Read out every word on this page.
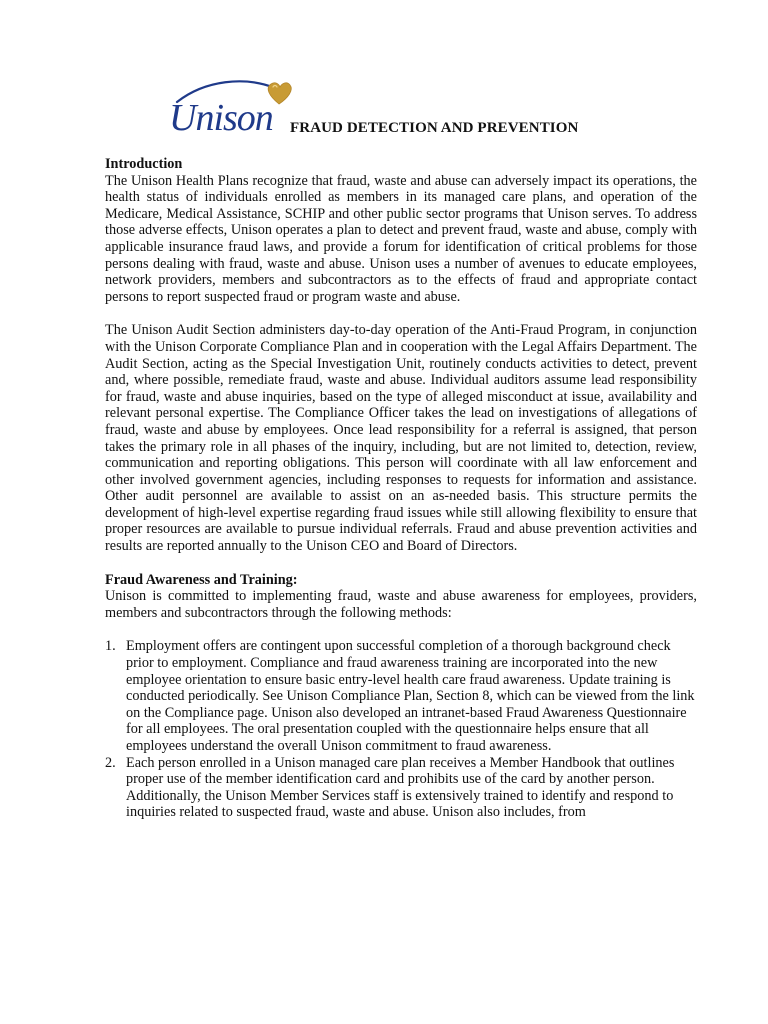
Unison FRAUD DETECTION AND PREVENTION

Introduction

The Unison Health Plans recognize that fraud, waste and abuse can adversely impact its operations, the health status of individuals enrolled as members in its managed care plans, and operation of the Medicare, Medical Assistance, SCHIP and other public sector programs that Unison serves. To address those adverse effects, Unison operates a plan to detect and prevent fraud, waste and abuse, comply with applicable insurance fraud laws, and provide a forum for identification of critical problems for those persons dealing with fraud, waste and abuse. Unison uses a number of avenues to educate employees, network providers, members and subcontractors as to the effects of fraud and appropriate contact persons to report suspected fraud or program waste and abuse.

The Unison Audit Section administers day-to-day operation of the Anti-Fraud Program, in conjunction with the Unison Corporate Compliance Plan and in cooperation with the Legal Affairs Department. The Audit Section, acting as the Special Investigation Unit, routinely conducts activities to detect, prevent and, where possible, remediate fraud, waste and abuse. Individual auditors assume lead responsibility for fraud, waste and abuse inquiries, based on the type of alleged misconduct at issue, availability and relevant personal expertise. The Compliance Officer takes the lead on investigations of allegations of fraud, waste and abuse by employees. Once lead responsibility for a referral is assigned, that person takes the primary role in all phases of the inquiry, including, but are not limited to, detection, review, communication and reporting obligations. This person will coordinate with all law enforcement and other involved government agencies, including responses to requests for information and assistance. Other audit personnel are available to assist on an as-needed basis. This structure permits the development of high-level expertise regarding fraud issues while still allowing flexibility to ensure that proper resources are available to pursue individual referrals. Fraud and abuse prevention activities and results are reported annually to the Unison CEO and Board of Directors.

Fraud Awareness and Training:

Unison is committed to implementing fraud, waste and abuse awareness for employees, providers, members and subcontractors through the following methods:

1. Employment offers are contingent upon successful completion of a thorough background check prior to employment. Compliance and fraud awareness training are incorporated into the new employee orientation to ensure basic entry-level health care fraud awareness. Update training is conducted periodically. See Unison Compliance Plan, Section 8, which can be viewed from the link on the Compliance page. Unison also developed an intranet-based Fraud Awareness Questionnaire for all employees. The oral presentation coupled with the questionnaire helps ensure that all employees understand the overall Unison commitment to fraud awareness.
2. Each person enrolled in a Unison managed care plan receives a Member Handbook that outlines proper use of the member identification card and prohibits use of the card by another person. Additionally, the Unison Member Services staff is extensively trained to identify and respond to inquiries related to suspected fraud, waste and abuse. Unison also includes, from
